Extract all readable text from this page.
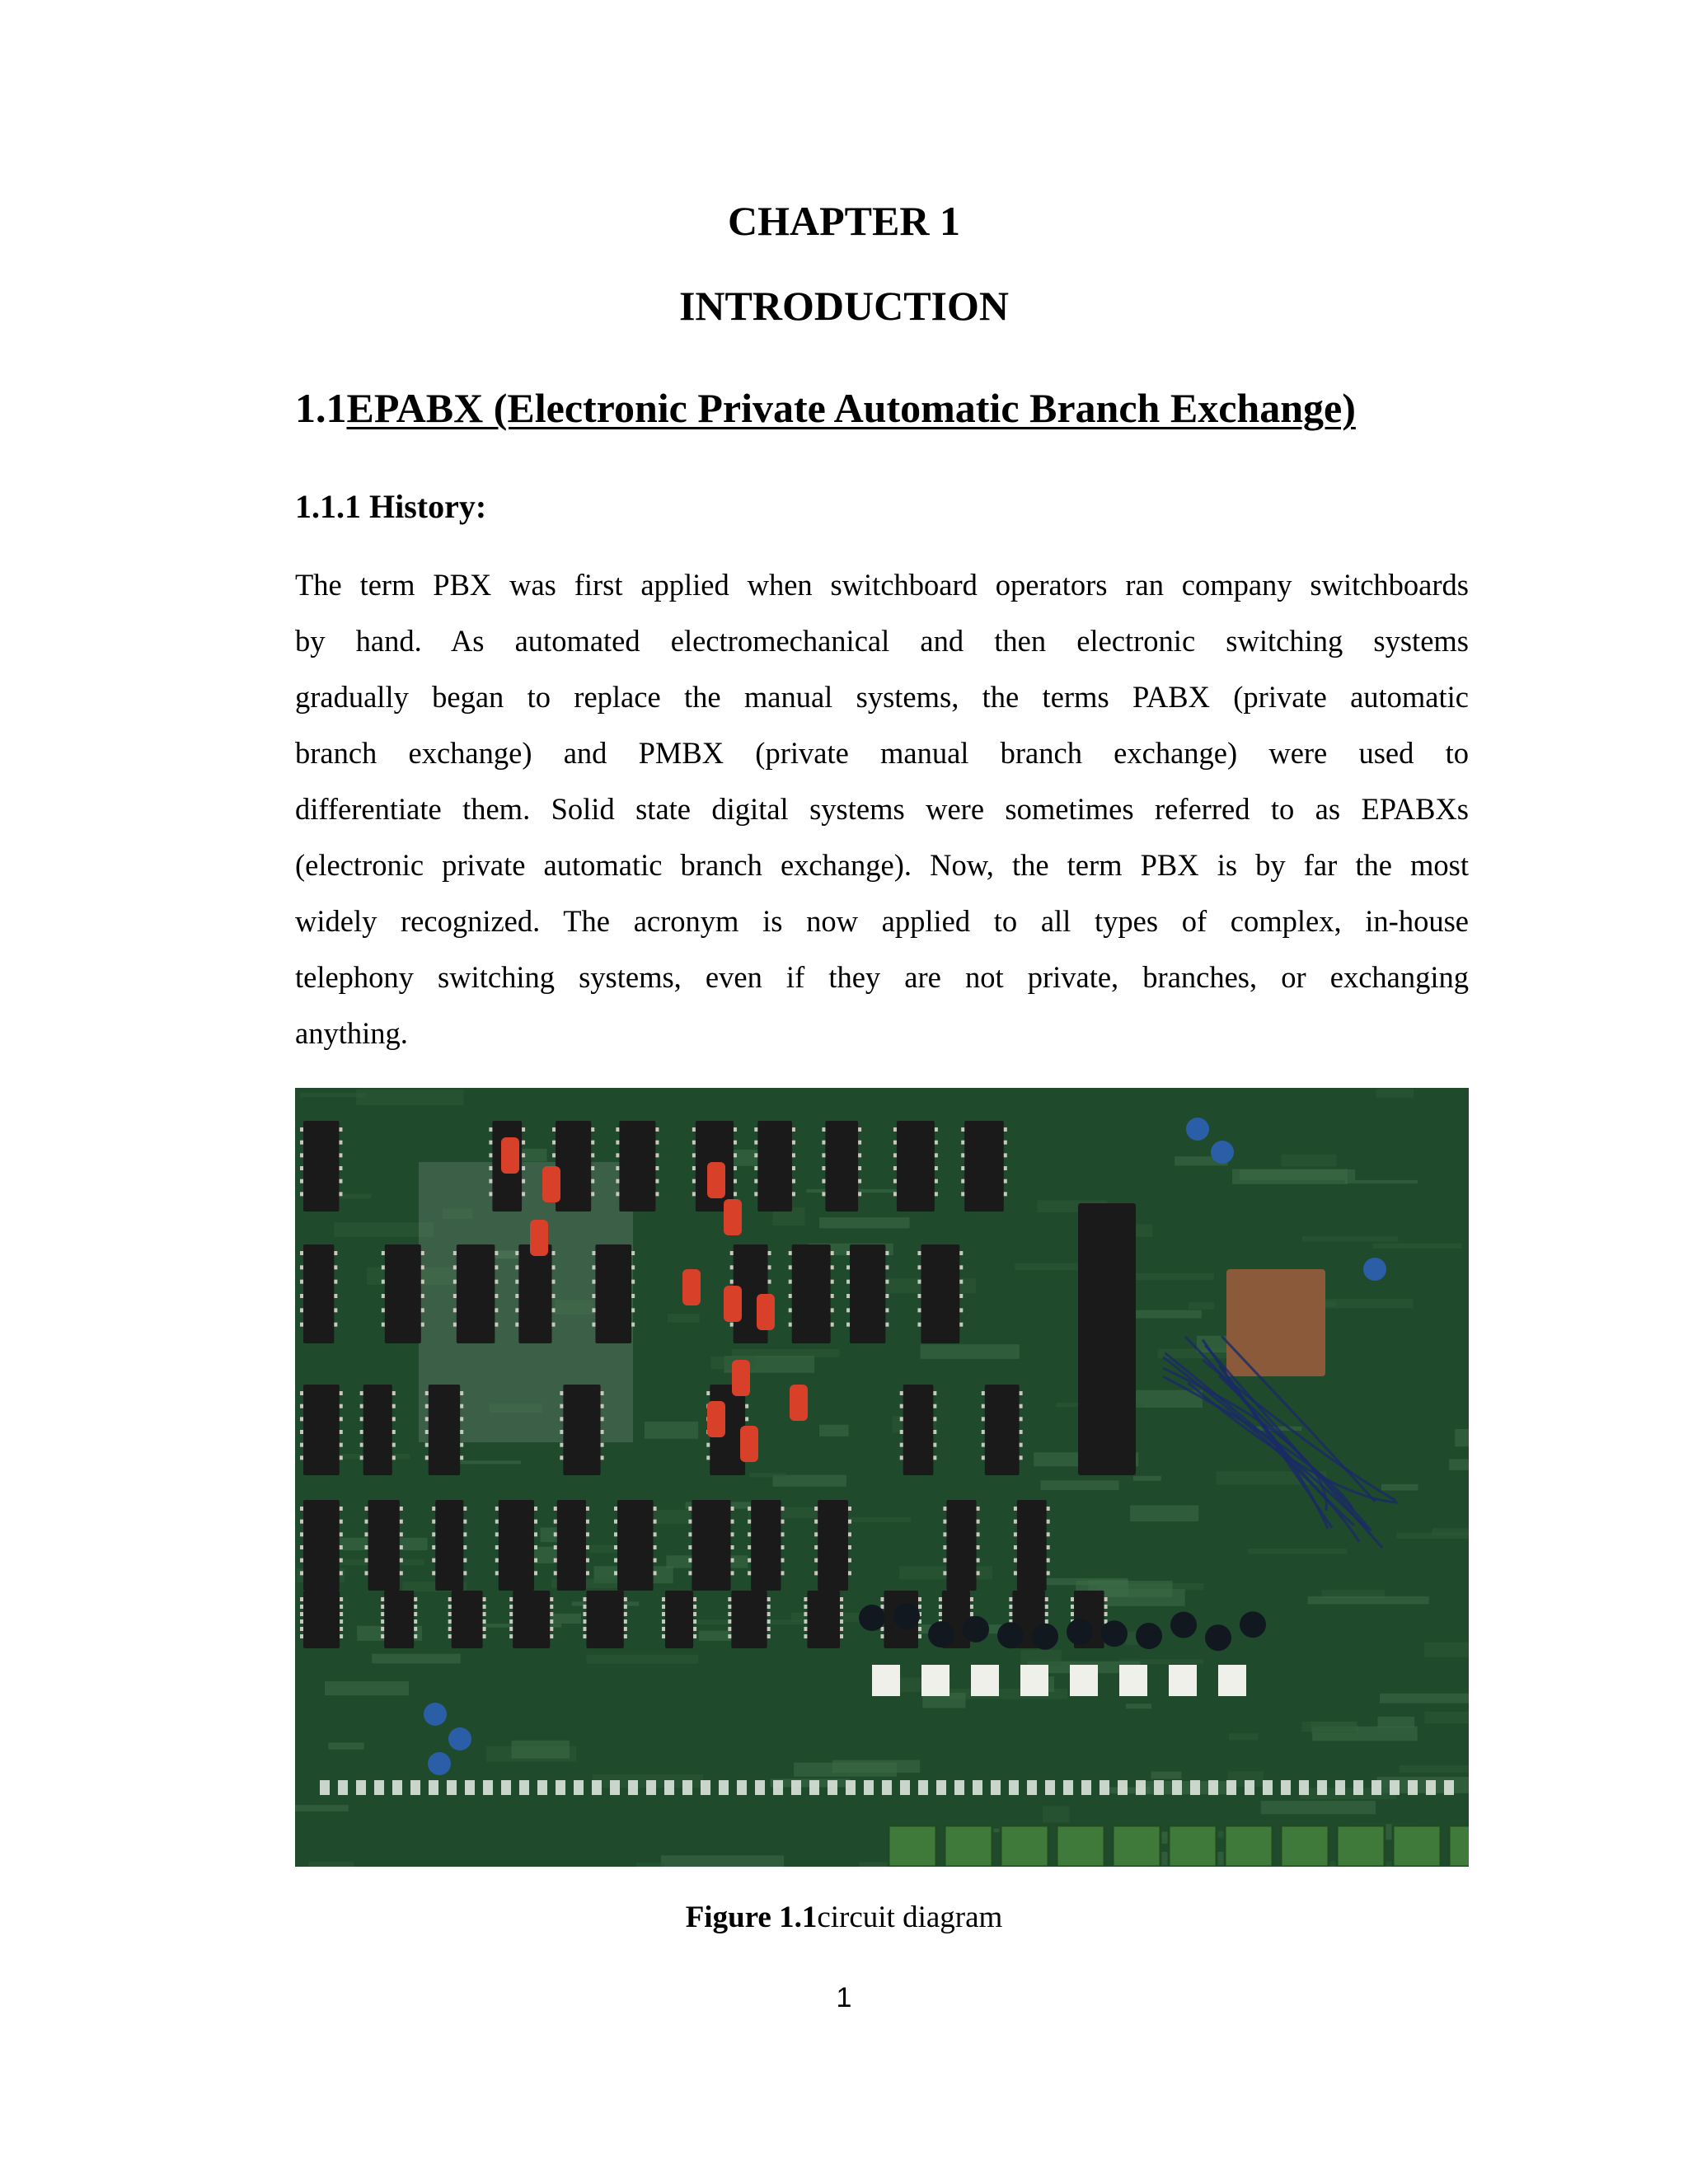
CHAPTER 1
INTRODUCTION
1.1EPABX (Electronic Private Automatic Branch Exchange)
1.1.1 History:
The term PBX was first applied when switchboard operators ran company switchboards
by hand. As automated electromechanical and then electronic switching systems
gradually began to replace the manual systems, the terms PABX (private automatic
branch exchange) and PMBX (private manual branch exchange) were used to
differentiate them. Solid state digital systems were sometimes referred to as EPABXs
(electronic private automatic branch exchange). Now, the term PBX is by far the most
widely recognized. The acronym is now applied to all types of complex, in-house
telephony switching systems, even if they are not private, branches, or exchanging
anything.
Figure 1.1circuit diagram
1
